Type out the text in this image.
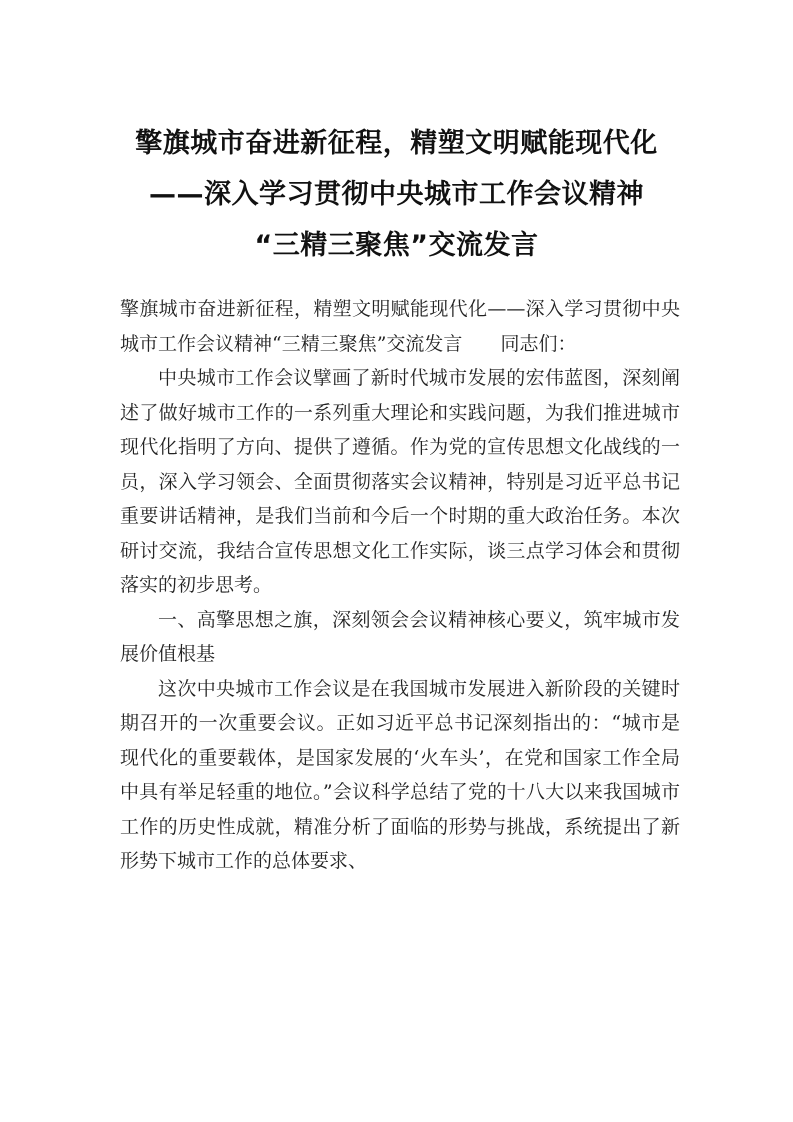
擎旗城市奋进新征程，精塑文明赋能现代化
——深入学习贯彻中央城市工作会议精神
“三精三聚焦”交流发言

擎旗城市奋进新征程，精塑文明赋能现代化——深入学习贯彻中央城市工作会议精神“三精三聚焦”交流发言 同志们：

中央城市工作会议擘画了新时代城市发展的宏伟蓝图，深刻阐述了做好城市工作的一系列重大理论和实践问题，为我们推进城市现代化指明了方向、提供了遵循。作为党的宣传思想文化战线的一员，深入学习领会、全面贯彻落实会议精神，特别是习近平总书记重要讲话精神，是我们当前和今后一个时期的重大政治任务。本次研讨交流，我结合宣传思想文化工作实际，谈三点学习体会和贯彻落实的初步思考。

一、高擎思想之旗，深刻领会会议精神核心要义，筑牢城市发展价值根基

这次中央城市工作会议是在我国城市发展进入新阶段的关键时期召开的一次重要会议。正如习近平总书记深刻指出的：“城市是现代化的重要载体，是国家发展的‘火车头’，在党和国家工作全局中具有举足轻重的地位。”会议科学总结了党的十八大以来我国城市工作的历史性成就，精准分析了面临的形势与挑战，系统提出了新形势下城市工作的总体要求、
